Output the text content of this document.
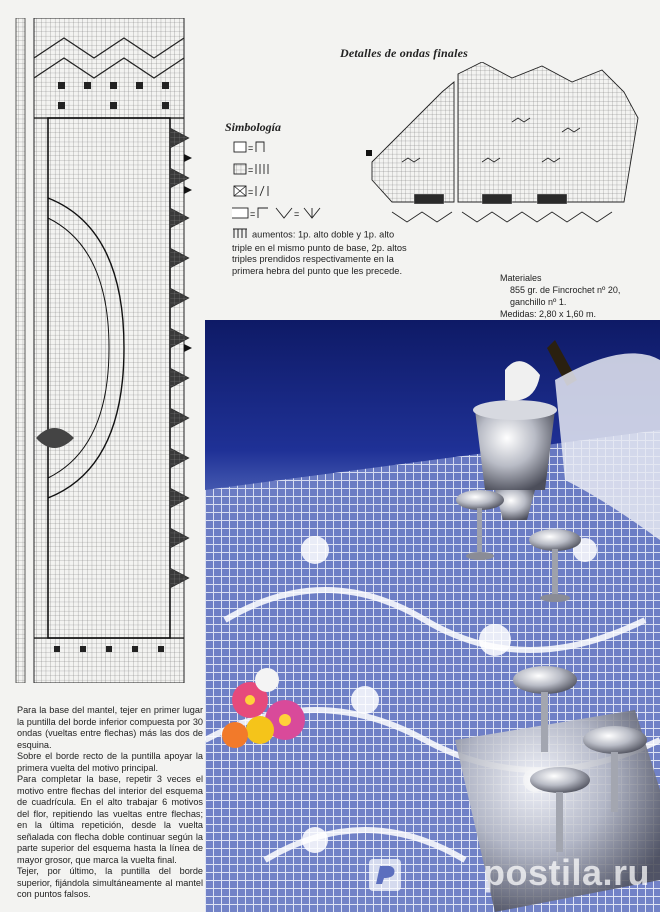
Detalles de ondas finales
Simbología
=
=
=
=	=
aumentos: 1p. alto doble y 1p. alto triple en el mismo punto de base, 2p. altos triples prendidos respectivamente en la primera hebra del punto que les precede.
Materiales
855 gr. de Fincrochet nº 20,
ganchillo nº 1.
Medidas: 2,80 x 1,60 m.

Para la base del mantel, tejer en primer lugar la puntilla del borde inferior compuesta por 30 ondas (vueltas entre flechas) más las dos de esquina.

Sobre el borde recto de la puntilla apoyar la primera vuelta del motivo principal.

Para completar la base, repetir 3 veces el motivo entre flechas del interior del esquema de cuadrícula. En el alto trabajar 6 motivos del flor, repitiendo las vueltas entre flechas; en la última repetición, desde la vuelta señalada con flecha doble continuar según la parte superior del esquema hasta la línea de mayor grosor, que marca la vuelta final.

Tejer, por último, la puntilla del borde superior, fijándola simultáneamente al mantel con puntos falsos.

postila.ru
